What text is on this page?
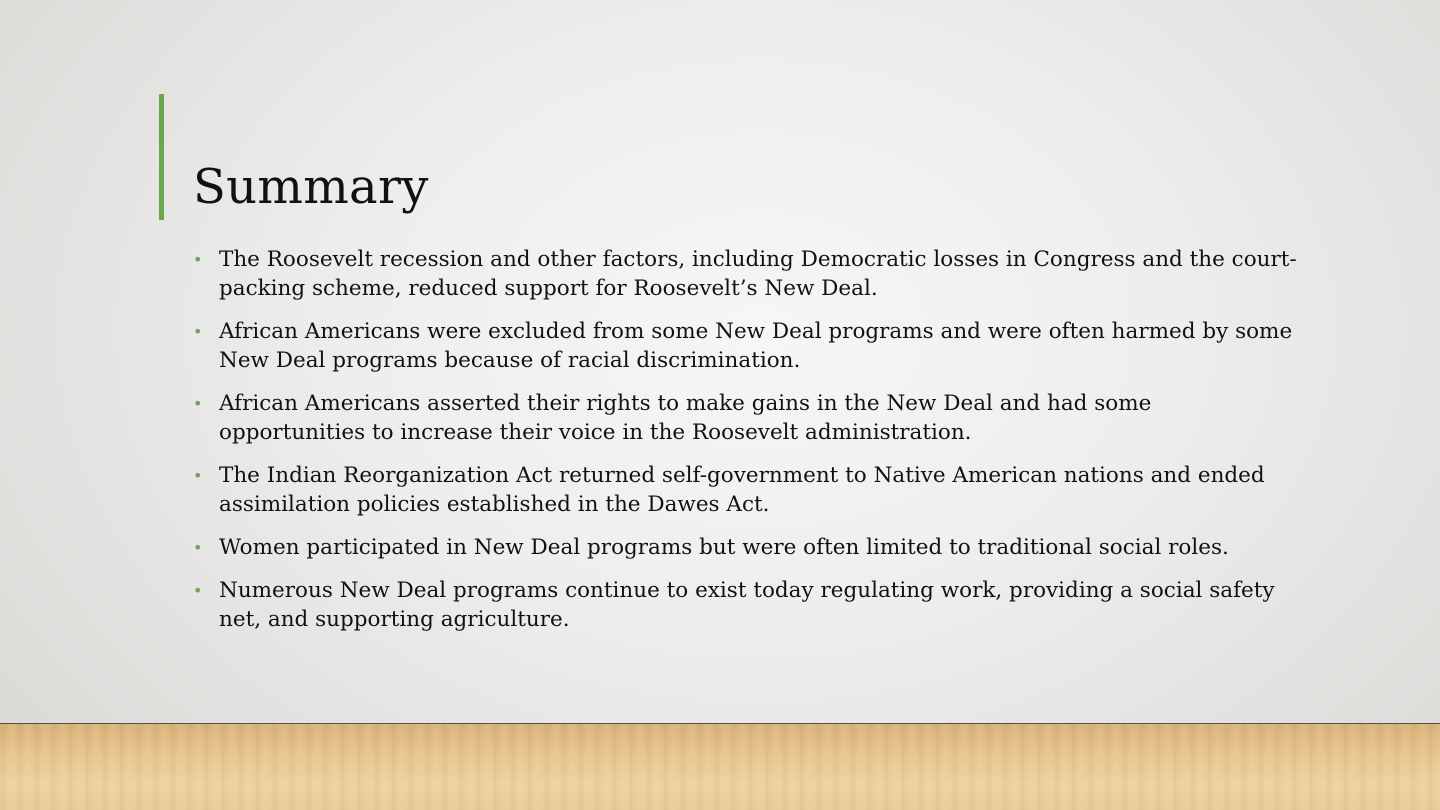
Summary
• The Roosevelt recession and other factors, including Democratic losses in Congress and the court-packing scheme, reduced support for Roosevelt’s New Deal.
• African Americans were excluded from some New Deal programs and were often harmed by some New Deal programs because of racial discrimination.
• African Americans asserted their rights to make gains in the New Deal and had some opportunities to increase their voice in the Roosevelt administration.
• The Indian Reorganization Act returned self-government to Native American nations and ended assimilation policies established in the Dawes Act.
• Women participated in New Deal programs but were often limited to traditional social roles.
• Numerous New Deal programs continue to exist today regulating work, providing a social safety net, and supporting agriculture.
